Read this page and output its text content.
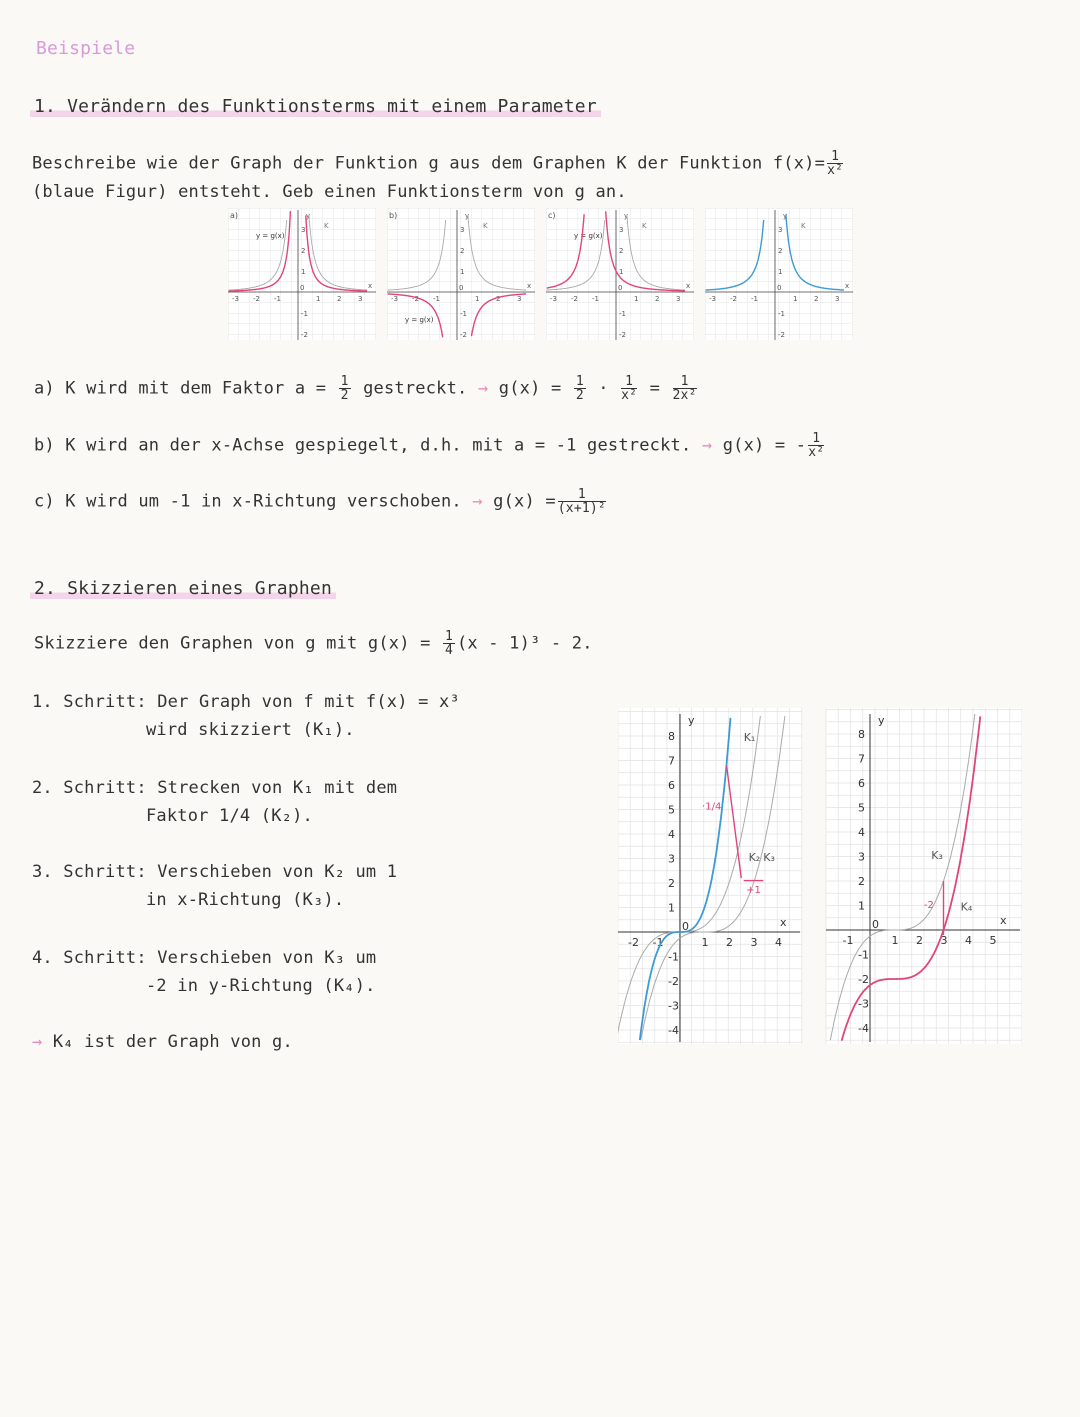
Beispiele
1. Verändern des Funktionsterms mit einem Parameter
Beschreibe wie der Graph der Funktion g aus dem Graphen K der Funktion $f(x)= \frac{1}{\text{x²}}$
(blaue Figur) entsteht. Geb einen Funktionsterm von g an.
-3 -2 -1	1 2 3
0
3
2
1
-1
-2
x
y
a)
y = g(x)
K
-3 -2 -1	1 2 3
0
3
2
1
-1
-2
x
y
b)
y = g(x)
K
-3 -2 -1	1 2 3
0
3
2
1
-1
-2
x
y
c)
y = g(x)
K
-3 -2 -1	1 2 3
0
3
2
1
-1
-2
x
y
K
a) K wird mit dem Faktor $a = \frac{1}{2}$ gestreckt. → $g(x) = \frac{1}{2} \cdot \frac{1}{\text{x²}} = \frac{1}{\text{2x²}}$
b) K wird an der x-Achse gespiegelt, d.h. mit a = -1 gestreckt. → g(x) = - $\frac{1}{\text{x²}}$
c) K wird um -1 in x-Richtung verschoben. → $g(x) = \frac{1}{\text{(x+1)²}}$
2. Skizzieren eines Graphen
Skizziere den Graphen von g mit $g(x) = \frac{1}{4} (x - 1)^3 - 2$.
1. Schritt: Der Graph von f mit f(x) = x³
wird skizziert (K₁).
2. Schritt: Strecken von K₁ mit dem
Faktor 1/4 (K₂).
3. Schritt: Verschieben von K₂ um 1
in x-Richtung (K₃).
4. Schritt: Verschieben von K₃ um
-2 in y-Richtung (K₄).
→ K₄ ist der Graph von g.
-2 -1	1 2 3 4
8
7
6
5
4
3
2
1
-1
-2
-3
-4
0	x
y
·1/4
+1
K₁
K₂ K₃
-1	1 2 3 4 5
8
7
6
5
4
3
2
1
-1
-2
-3
-4
0	x
y
-2
K₃
K₄
